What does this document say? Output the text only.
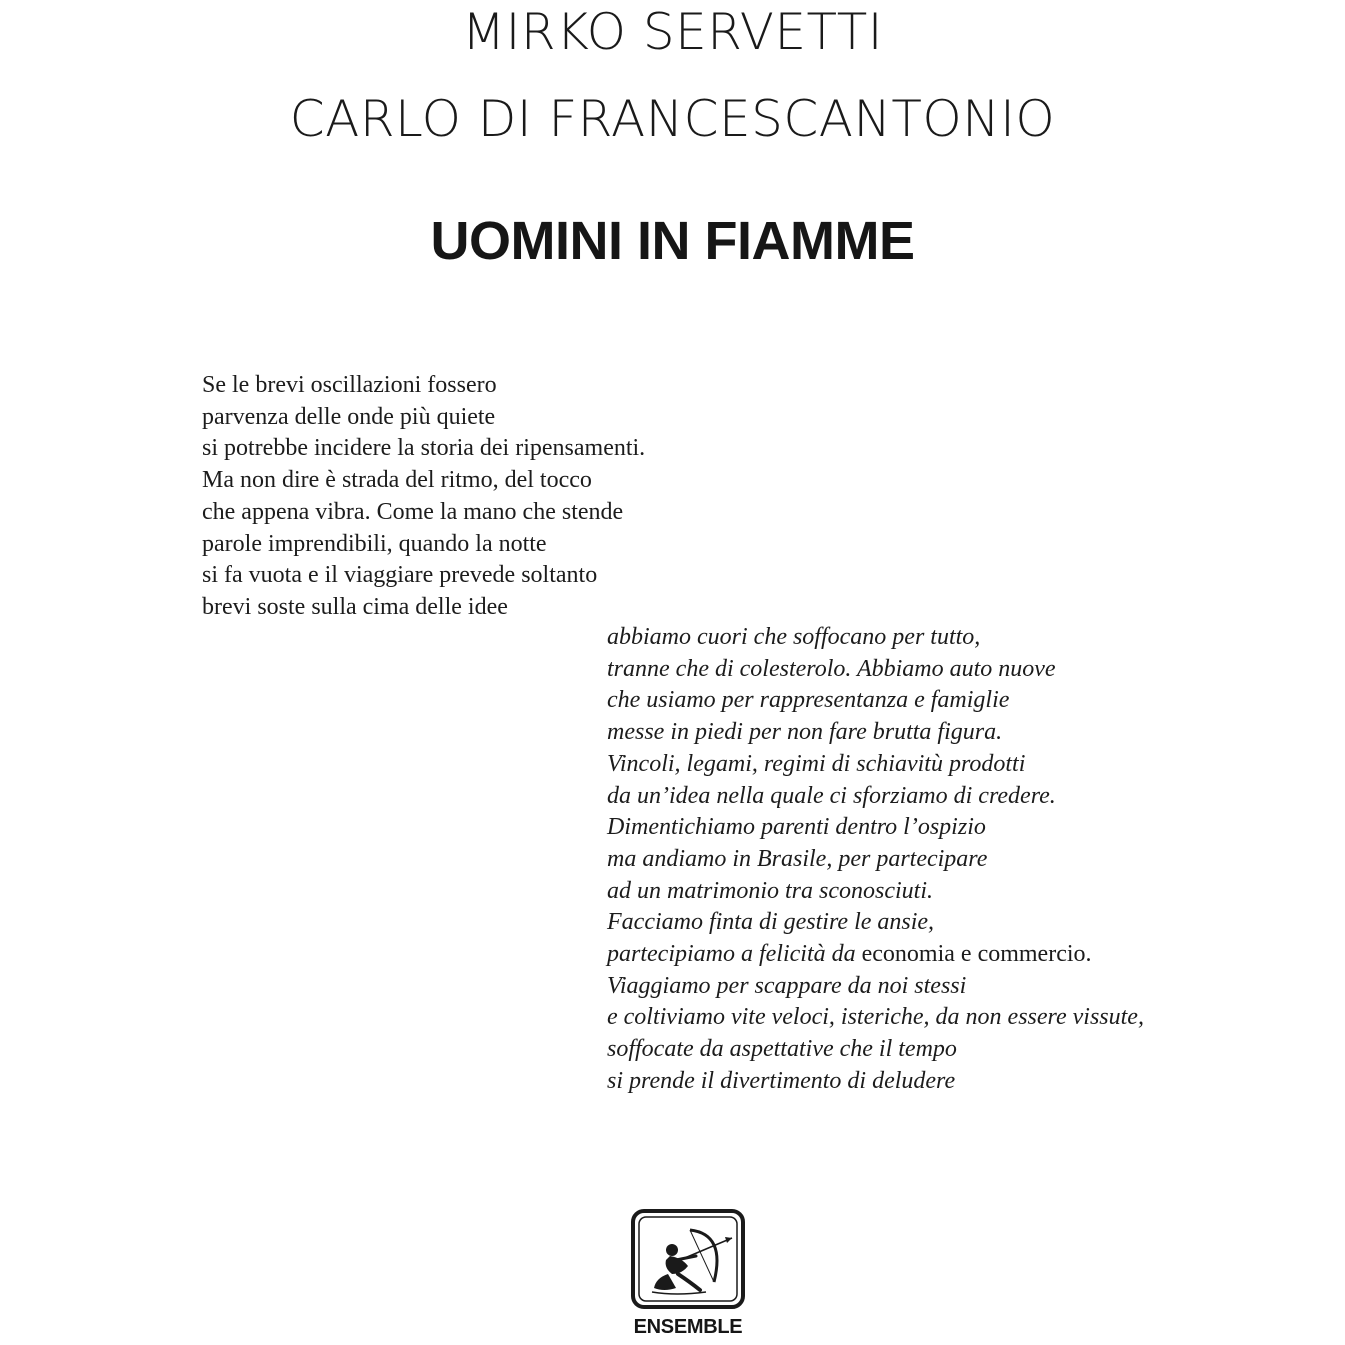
MIRKO SERVETTI
CARLO DI FRANCESCANTONIO
UOMINI IN FIAMME
Se le brevi oscillazioni fossero
parvenza delle onde più quiete
si potrebbe incidere la storia dei ripensamenti.
Ma non dire è strada del ritmo, del tocco
che appena vibra. Come la mano che stende
parole imprendibili, quando la notte
si fa vuota e il viaggiare prevede soltanto
brevi soste sulla cima delle idee
abbiamo cuori che soffocano per tutto,
tranne che di colesterolo. Abbiamo auto nuove
che usiamo per rappresentanza e famiglie
messe in piedi per non fare brutta figura.
Vincoli, legami, regimi di schiavitù prodotti
da un’idea nella quale ci sforziamo di credere.
Dimentichiamo parenti dentro l’ospizio
ma andiamo in Brasile, per partecipare
ad un matrimonio tra sconosciuti.
Facciamo finta di gestire le ansie,
partecipiamo a felicità da economia e commercio.
Viaggiamo per scappare da noi stessi
e coltiviamo vite veloci, isteriche, da non essere vissute,
soffocate da aspettative che il tempo
si prende il divertimento di deludere
ENSEMBLE
